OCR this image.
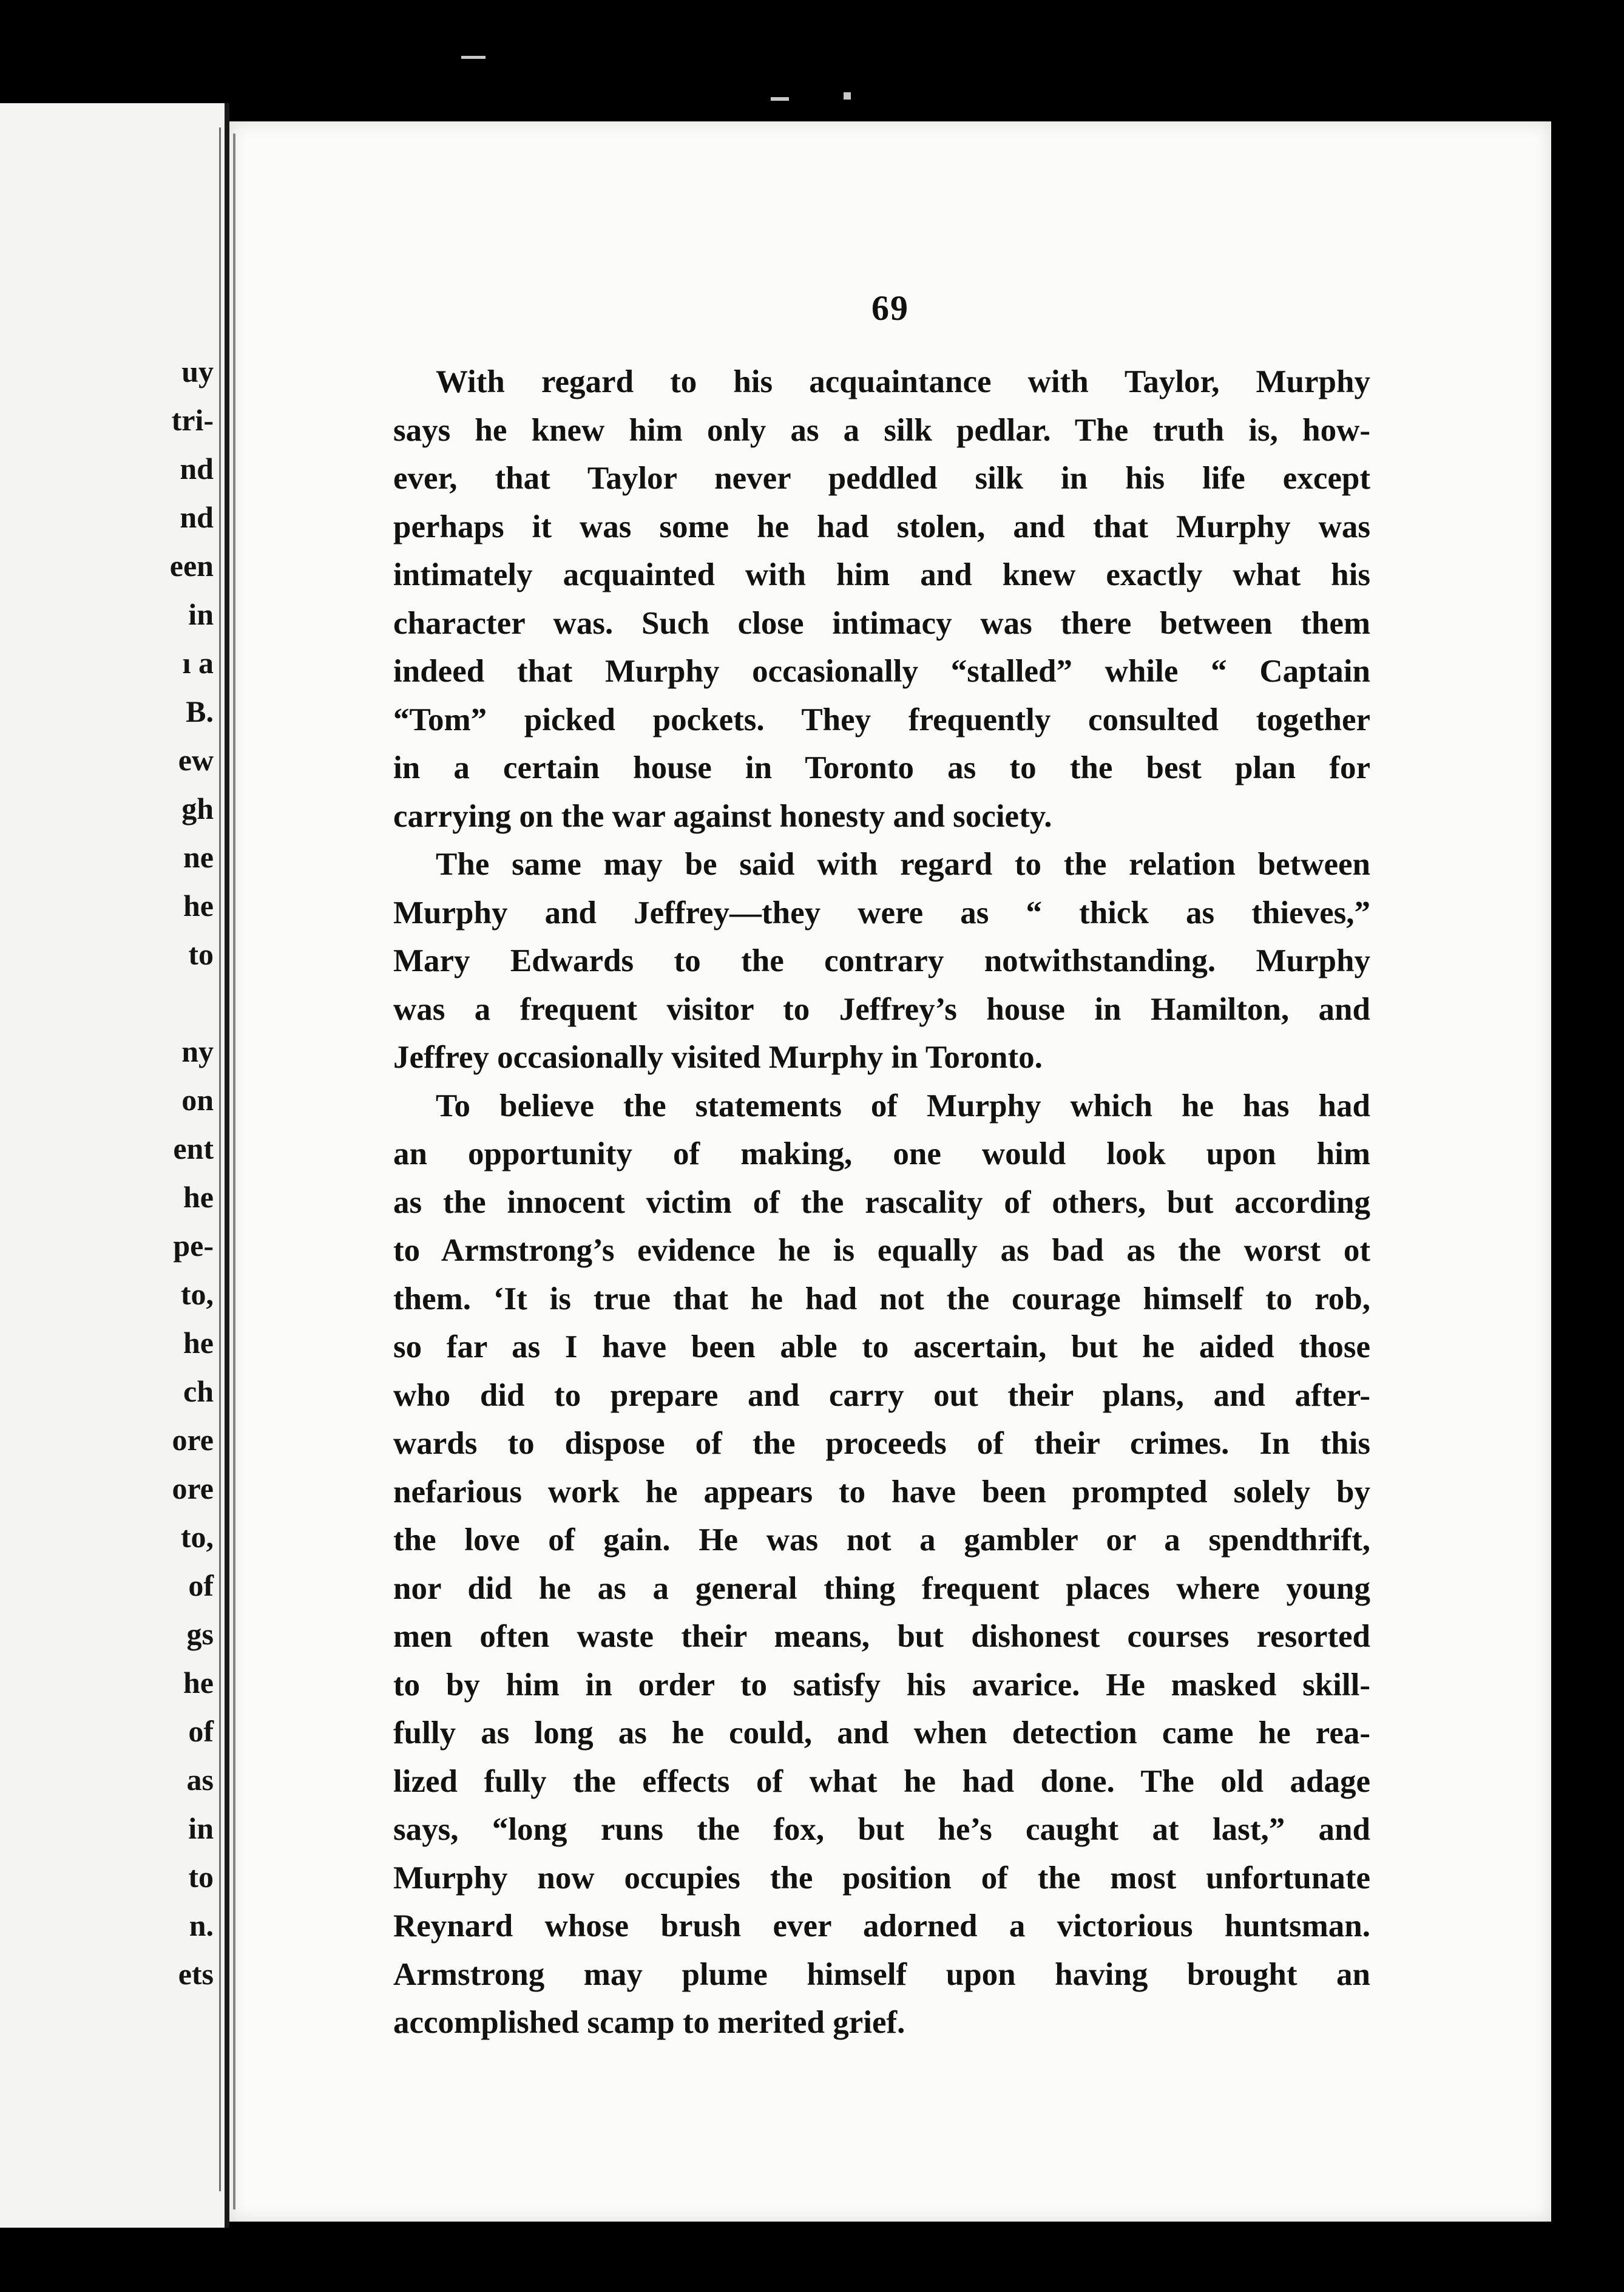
uy
tri-
nd
nd
een
in
ı a
B.
ew
gh
ne
he
to
ny
on
ent
he
pe-
to,
he
ch
ore
ore
to,
of
gs
he
of
as
in
to
n.
ets
69
With regard to his acquaintance with Taylor, Murphy
says he knew him only as a silk pedlar. The truth is, how-
ever, that Taylor never peddled silk in his life except
perhaps it was some he had stolen, and that Murphy was
intimately acquainted with him and knew exactly what his
character was. Such close intimacy was there between them
indeed that Murphy occasionally “stalled” while “ Captain
“Tom” picked pockets. They frequently consulted together
in a certain house in Toronto as to the best plan for
carrying on the war against honesty and society.
The same may be said with regard to the relation between
Murphy and Jeffrey—they were as “ thick as thieves,”
Mary Edwards to the contrary notwithstanding. Murphy
was a frequent visitor to Jeffrey’s house in Hamilton, and
Jeffrey occasionally visited Murphy in Toronto.
To believe the statements of Murphy which he has had
an opportunity of making, one would look upon him
as the innocent victim of the rascality of others, but according
to Armstrong’s evidence he is equally as bad as the worst ot
them. ‘It is true that he had not the courage himself to rob,
so far as I have been able to ascertain, but he aided those
who did to prepare and carry out their plans, and after-
wards to dispose of the proceeds of their crimes. In this
nefarious work he appears to have been prompted solely by
the love of gain. He was not a gambler or a spendthrift,
nor did he as a general thing frequent places where young
men often waste their means, but dishonest courses resorted
to by him in order to satisfy his avarice. He masked skill-
fully as long as he could, and when detection came he rea-
lized fully the effects of what he had done. The old adage
says, “long runs the fox, but he’s caught at last,” and
Murphy now occupies the position of the most unfortunate
Reynard whose brush ever adorned a victorious huntsman.
Armstrong may plume himself upon having brought an
accomplished scamp to merited grief.
